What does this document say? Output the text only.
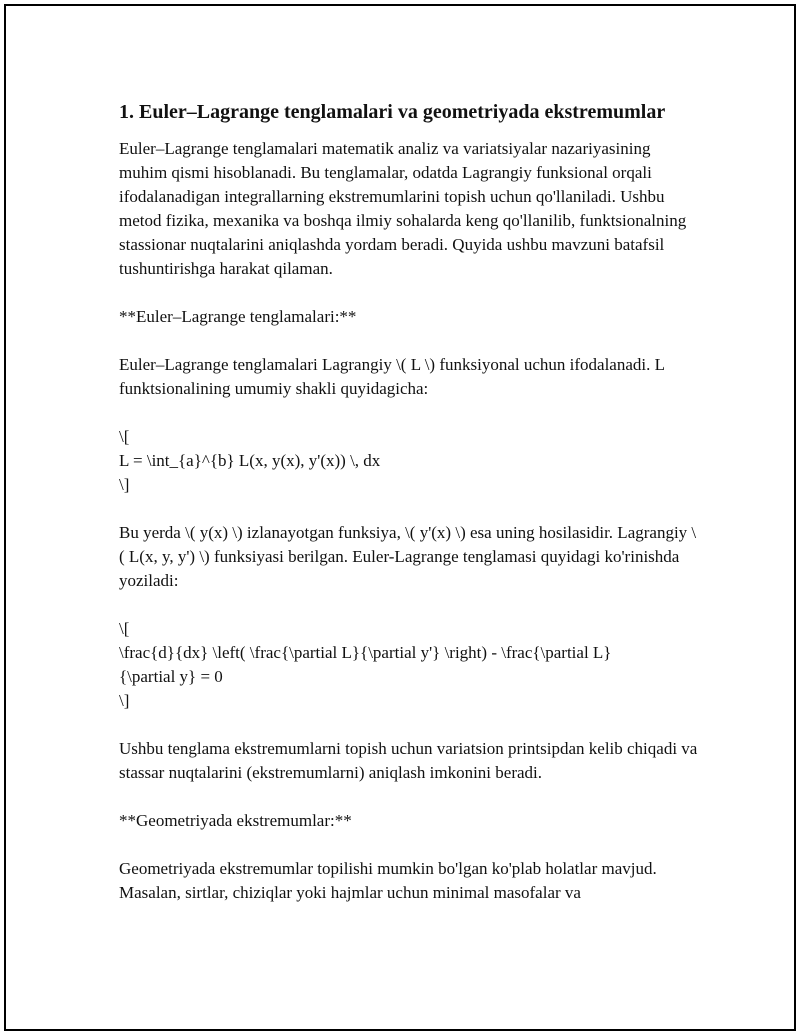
1. Euler–Lagrange tenglamalari va geometriyada ekstremumlar

Euler–Lagrange tenglamalari matematik analiz va variatsiyalar nazariyasining muhim qismi hisoblanadi. Bu tenglamalar, odatda Lagrangiy funksional orqali ifodalanadigan integrallarning ekstremumlarini topish uchun qo'llaniladi. Ushbu metod fizika, mexanika va boshqa ilmiy sohalarda keng qo'llanilib, funktsionalning stassionar nuqtalarini aniqlashda yordam beradi. Quyida ushbu mavzuni batafsil tushuntirishga harakat qilaman.

**Euler–Lagrange tenglamalari:**

Euler–Lagrange tenglamalari Lagrangiy \( L \) funksiyonal uchun ifodalanadi. L funktsionalining umumiy shakli quyidagicha:

\[
L = \int_{a}^{b} L(x, y(x), y'(x)) \, dx
\]

Bu yerda \( y(x) \) izlanayotgan funksiya, \( y'(x) \) esa uning hosilasidir. Lagrangiy \( L(x, y, y') \) funksiyasi berilgan. Euler-Lagrange tenglamasi quyidagi ko'rinishda yoziladi:

\[
\frac{d}{dx} \left( \frac{\partial L}{\partial y'} \right) - \frac{\partial L}
{\partial y} = 0
\]

Ushbu tenglama ekstremumlarni topish uchun variatsion printsipdan kelib chiqadi va stassar nuqtalarini (ekstremumlarni) aniqlash imkonini beradi.

**Geometriyada ekstremumlar:**

Geometriyada ekstremumlar topilishi mumkin bo'lgan ko'plab holatlar mavjud. Masalan, sirtlar, chiziqlar yoki hajmlar uchun minimal masofalar va
